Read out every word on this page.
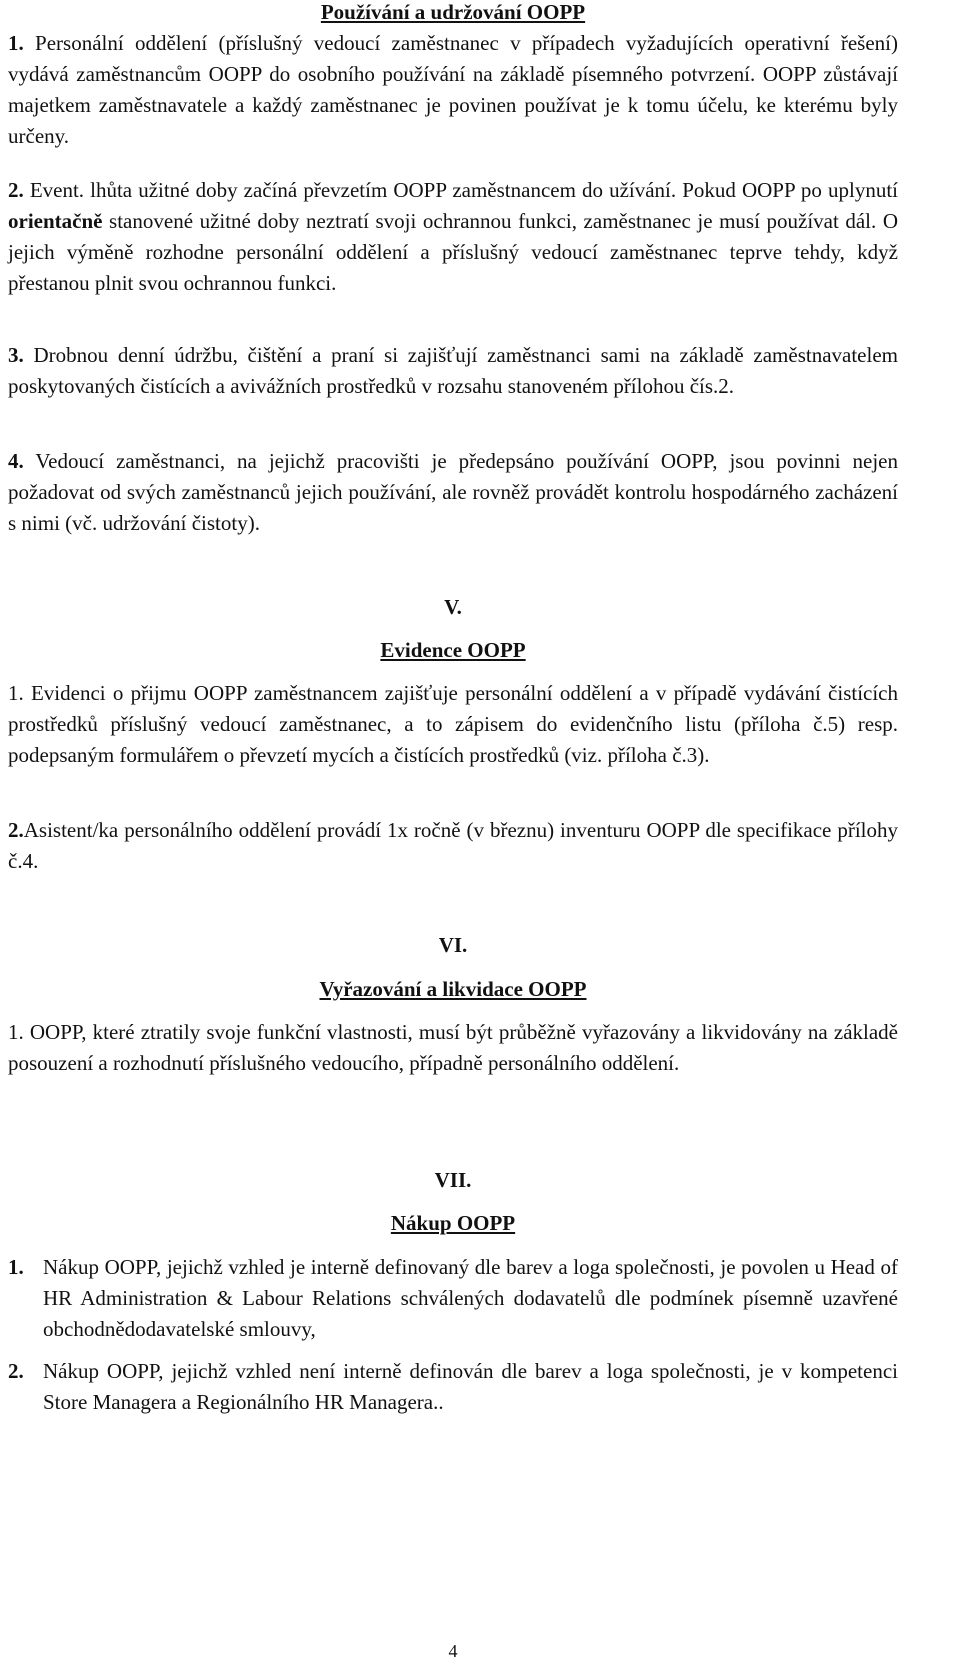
Používání a udržování OOPP

1. Personální oddělení (příslušný vedoucí zaměstnanec v případech vyžadujících operativní řešení) vydává zaměstnancům OOPP do osobního používání na základě písemného potvrzení. OOPP zůstávají majetkem zaměstnavatele a každý zaměstnanec je povinen používat je k tomu účelu, ke kterému byly určeny.

2. Event. lhůta užitné doby začíná převzetím OOPP zaměstnancem do užívání. Pokud OOPP po uplynutí orientačně stanovené užitné doby neztratí svoji ochrannou funkci, zaměstnanec je musí používat dál. O jejich výměně rozhodne personální oddělení a příslušný vedoucí zaměstnanec teprve tehdy, když přestanou plnit svou ochrannou funkci.

3. Drobnou denní údržbu, čištění a praní si zajišťují zaměstnanci sami na základě zaměstnavatelem poskytovaných čistících a avivážních prostředků v rozsahu stanoveném přílohou čís.2.

4. Vedoucí zaměstnanci, na jejichž pracovišti je předepsáno používání OOPP, jsou povinni nejen požadovat od svých zaměstnanců jejich používání, ale rovněž provádět kontrolu hospodárného zacházení s nimi (vč. udržování čistoty).

V.

Evidence OOPP

1. Evidenci o přijmu OOPP zaměstnancem zajišťuje personální oddělení a v případě vydávání čistících prostředků příslušný vedoucí zaměstnanec, a to zápisem do evidenčního listu (příloha č.5) resp. podepsaným formulářem o převzetí mycích a čistících prostředků (viz. příloha č.3).

2.Asistent/ka personálního oddělení provádí 1x ročně (v březnu) inventuru OOPP dle specifikace přílohy č.4.

VI.

Vyřazování a likvidace OOPP

1. OOPP, které ztratily svoje funkční vlastnosti, musí být průběžně vyřazovány a likvidovány na základě posouzení a rozhodnutí příslušného vedoucího, případně personálního oddělení.

VII.

Nákup OOPP

1. Nákup OOPP, jejichž vzhled je interně definovaný dle barev a loga společnosti, je povolen u Head of HR Administration & Labour Relations schválených dodavatelů dle podmínek písemně uzavřené obchodnědodavatelské smlouvy,
2. Nákup OOPP, jejichž vzhled není interně definován dle barev a loga společnosti, je v kompetenci Store Managera a Regionálního HR Managera..
4
